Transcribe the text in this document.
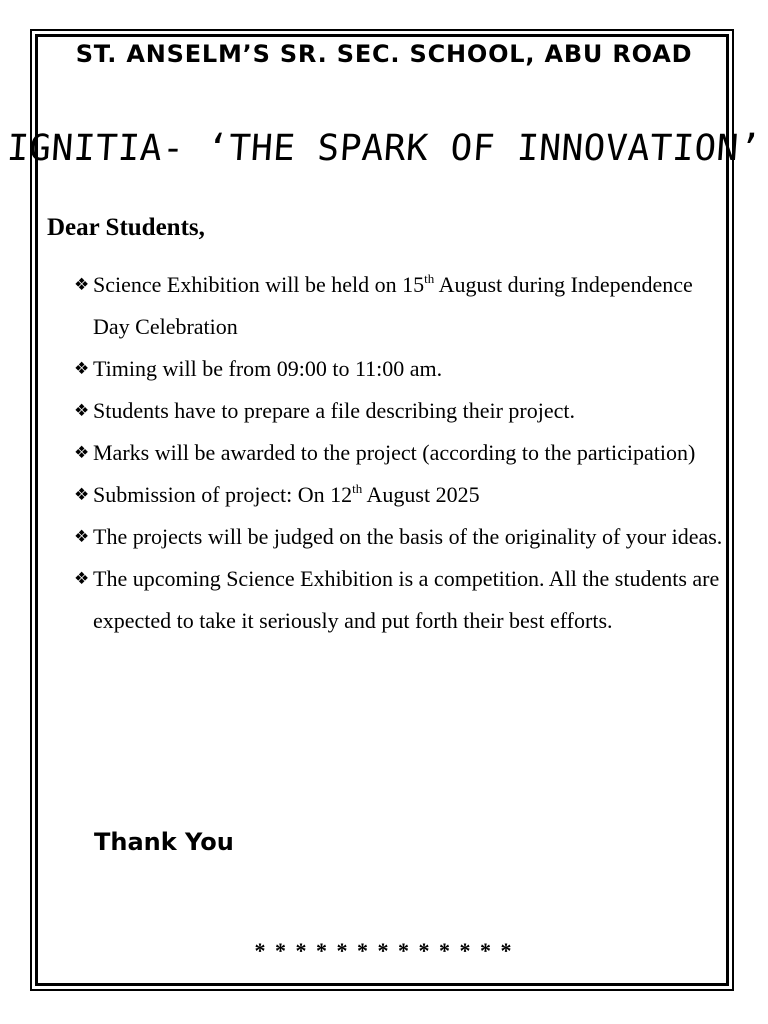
ST. ANSELM’S SR. SEC. SCHOOL, ABU ROAD
IGNITIA- ‘THE SPARK OF INNOVATION’
Dear Students,
❖ Science Exhibition will be held on 15th August during Independence Day Celebration
❖ Timing will be from 09:00 to 11:00 am.
❖ Students have to prepare a file describing their project.
❖ Marks will be awarded to the project (according to the participation)
❖ Submission of project: On 12th August 2025
❖ The projects will be judged on the basis of the originality of your ideas.
❖ The upcoming Science Exhibition is a competition. All the students are expected to take it seriously and put forth their best efforts.
Thank You
* * * * * * * * * * * * *
